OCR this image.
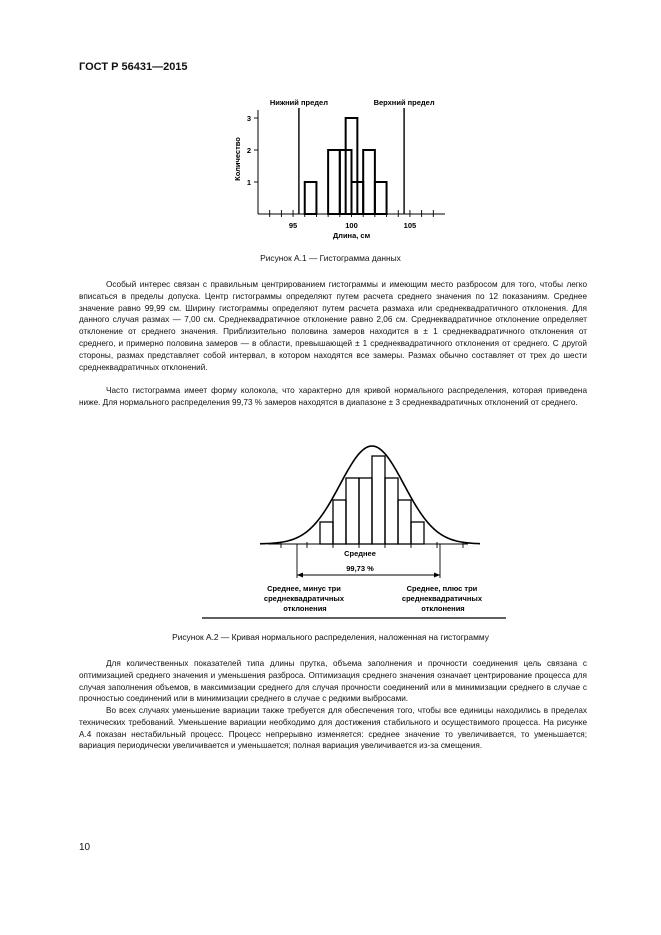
ГОСТ Р 56431—2015
95	100	105
1
2
3
Нижний предел	Верхний предел
Количество
Длина, см
Рисунок А.1 — Гистограмма данных

Особый интерес связан с правильным центрированием гистограммы и имеющим место разбросом для того, чтобы легко вписаться в пределы допуска. Центр гистограммы определяют путем расчета среднего значения по 12 показаниям. Среднее значение равно 99,99 см. Ширину гистограммы определяют путем расчета размаха или среднеквадратичного отклонения. Для данного случая размах — 7,00 см. Среднеквадратичное отклонение равно 2,06 см. Среднеквадратичное отклонение определяет отклонение от среднего значения. Приблизительно половина замеров находится в ± 1 среднеквадратичного отклонения от среднего, и примерно половина замеров — в области, превышающей ± 1 среднеквадратичного отклонения от среднего. С другой стороны, размах представляет собой интервал, в котором находятся все замеры. Размах обычно составляет от трех до шести среднеквадратичных отклонений.

Часто гистограмма имеет форму колокола, что характерно для кривой нормального распределения, которая приведена ниже. Для нормального распределения 99,73 % замеров находятся в диапазоне ± 3 среднеквадратичных отклонений от среднего.

Среднее
99,73 %
Среднее, минус три среднеквадратичных отклонения
Среднее, плюс три среднеквадратичных отклонения
Рисунок А.2 — Кривая нормального распределения, наложенная на гистограмму

Для количественных показателей типа длины прутка, объема заполнения и прочности соединения цель связана с оптимизацией среднего значения и уменьшения разброса. Оптимизация среднего значения означает центрирование процесса для случая заполнения объемов, в максимизации среднего для случая прочности соединений или в минимизации среднего в случае с прочностью соединений или в минимизации среднего в случае с редкими выбросами.

Во всех случаях уменьшение вариации также требуется для обеспечения того, чтобы все единицы находились в пределах технических требований. Уменьшение вариации необходимо для достижения стабильного и осуществимого процесса. На рисунке А.4 показан нестабильный процесс. Процесс непрерывно изменяется: среднее значение то увеличивается, то уменьшается; вариация периодически увеличивается и уменьшается; полная вариация увеличивается из-за смещения.

10
